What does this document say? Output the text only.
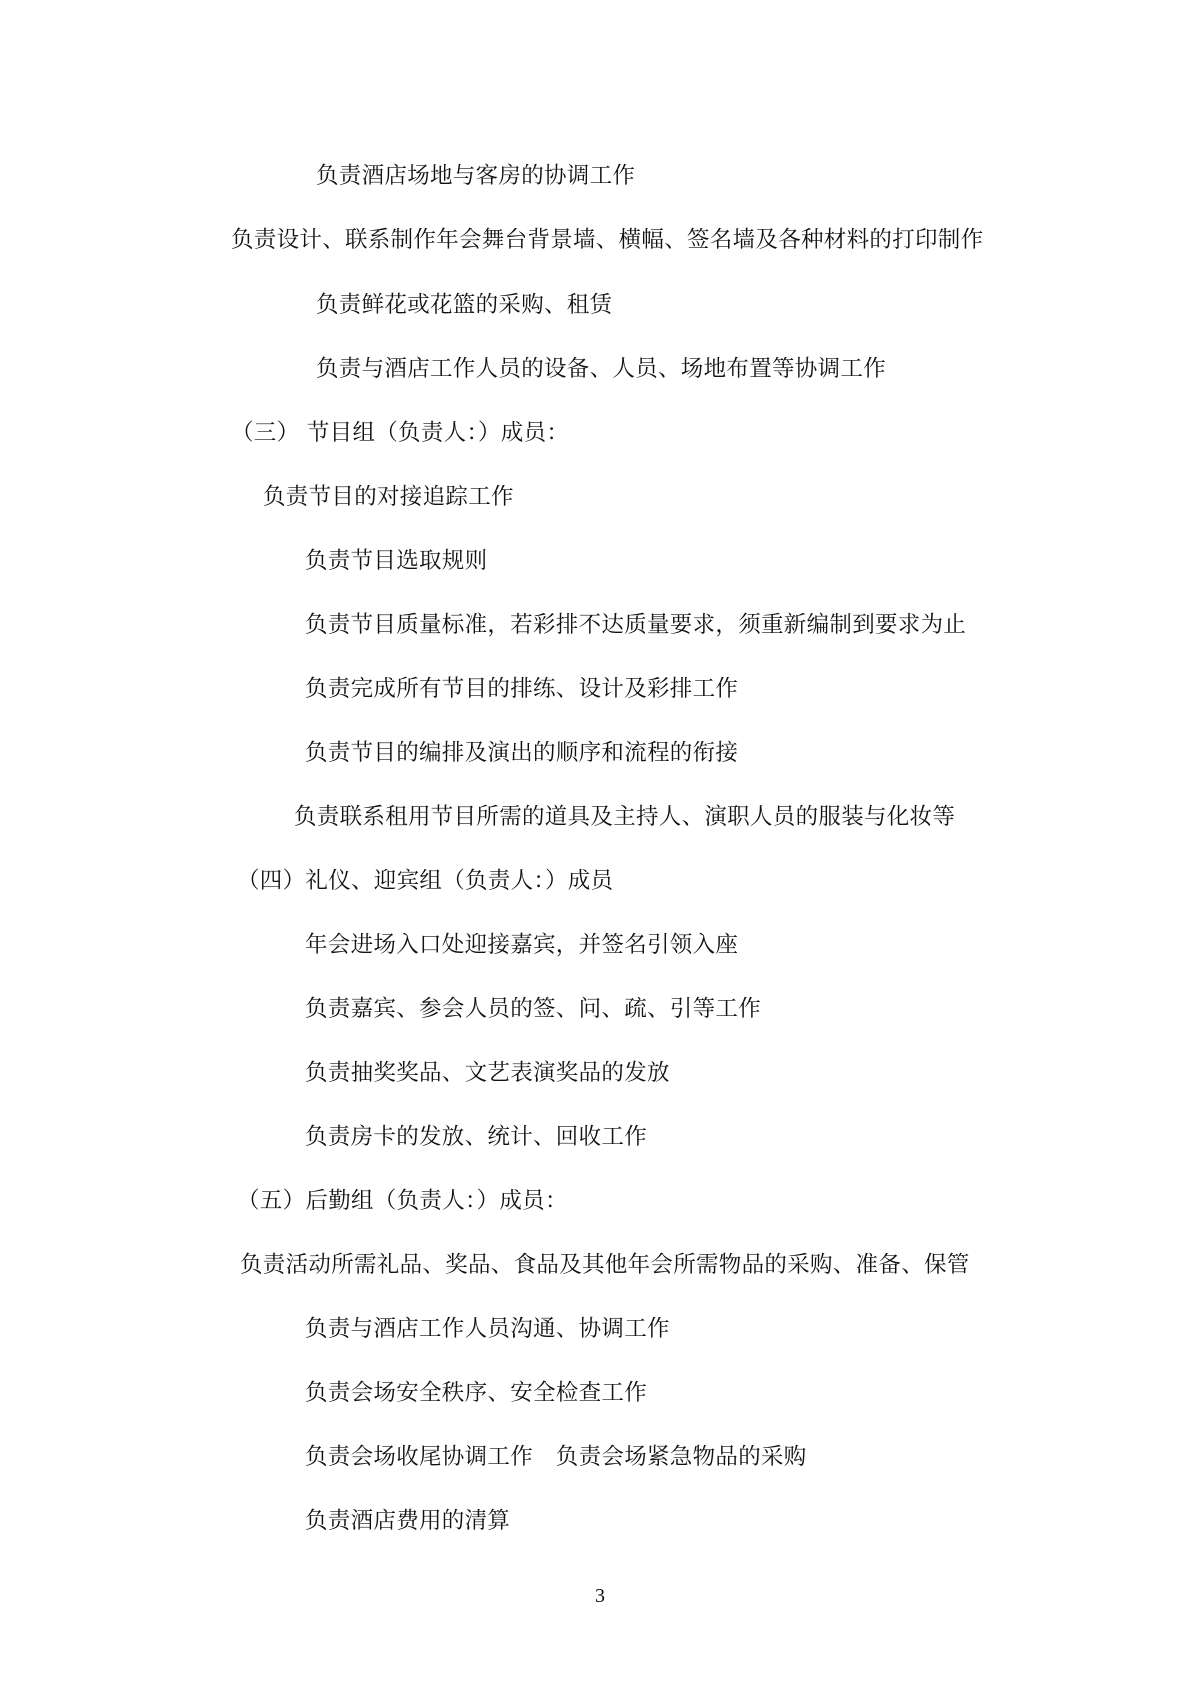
负责酒店场地与客房的协调工作
负责设计、联系制作年会舞台背景墙、横幅、签名墙及各种材料的打印制作
负责鲜花或花篮的采购、租赁
负责与酒店工作人员的设备、人员、场地布置等协调工作
（三） 节目组（负责人：）成员：
负责节目的对接追踪工作
负责节目选取规则
负责节目质量标准，若彩排不达质量要求，须重新编制到要求为止
负责完成所有节目的排练、设计及彩排工作
负责节目的编排及演出的顺序和流程的衔接
负责联系租用节目所需的道具及主持人、演职人员的服装与化妆等
（四）礼仪、迎宾组（负责人：）成员
年会进场入口处迎接嘉宾，并签名引领入座
负责嘉宾、参会人员的签、问、疏、引等工作
负责抽奖奖品、文艺表演奖品的发放
负责房卡的发放、统计、回收工作
（五）后勤组（负责人：）成员：
负责活动所需礼品、奖品、食品及其他年会所需物品的采购、准备、保管
负责与酒店工作人员沟通、协调工作
负责会场安全秩序、安全检查工作
负责会场收尾协调工作　负责会场紧急物品的采购
负责酒店费用的清算
3
